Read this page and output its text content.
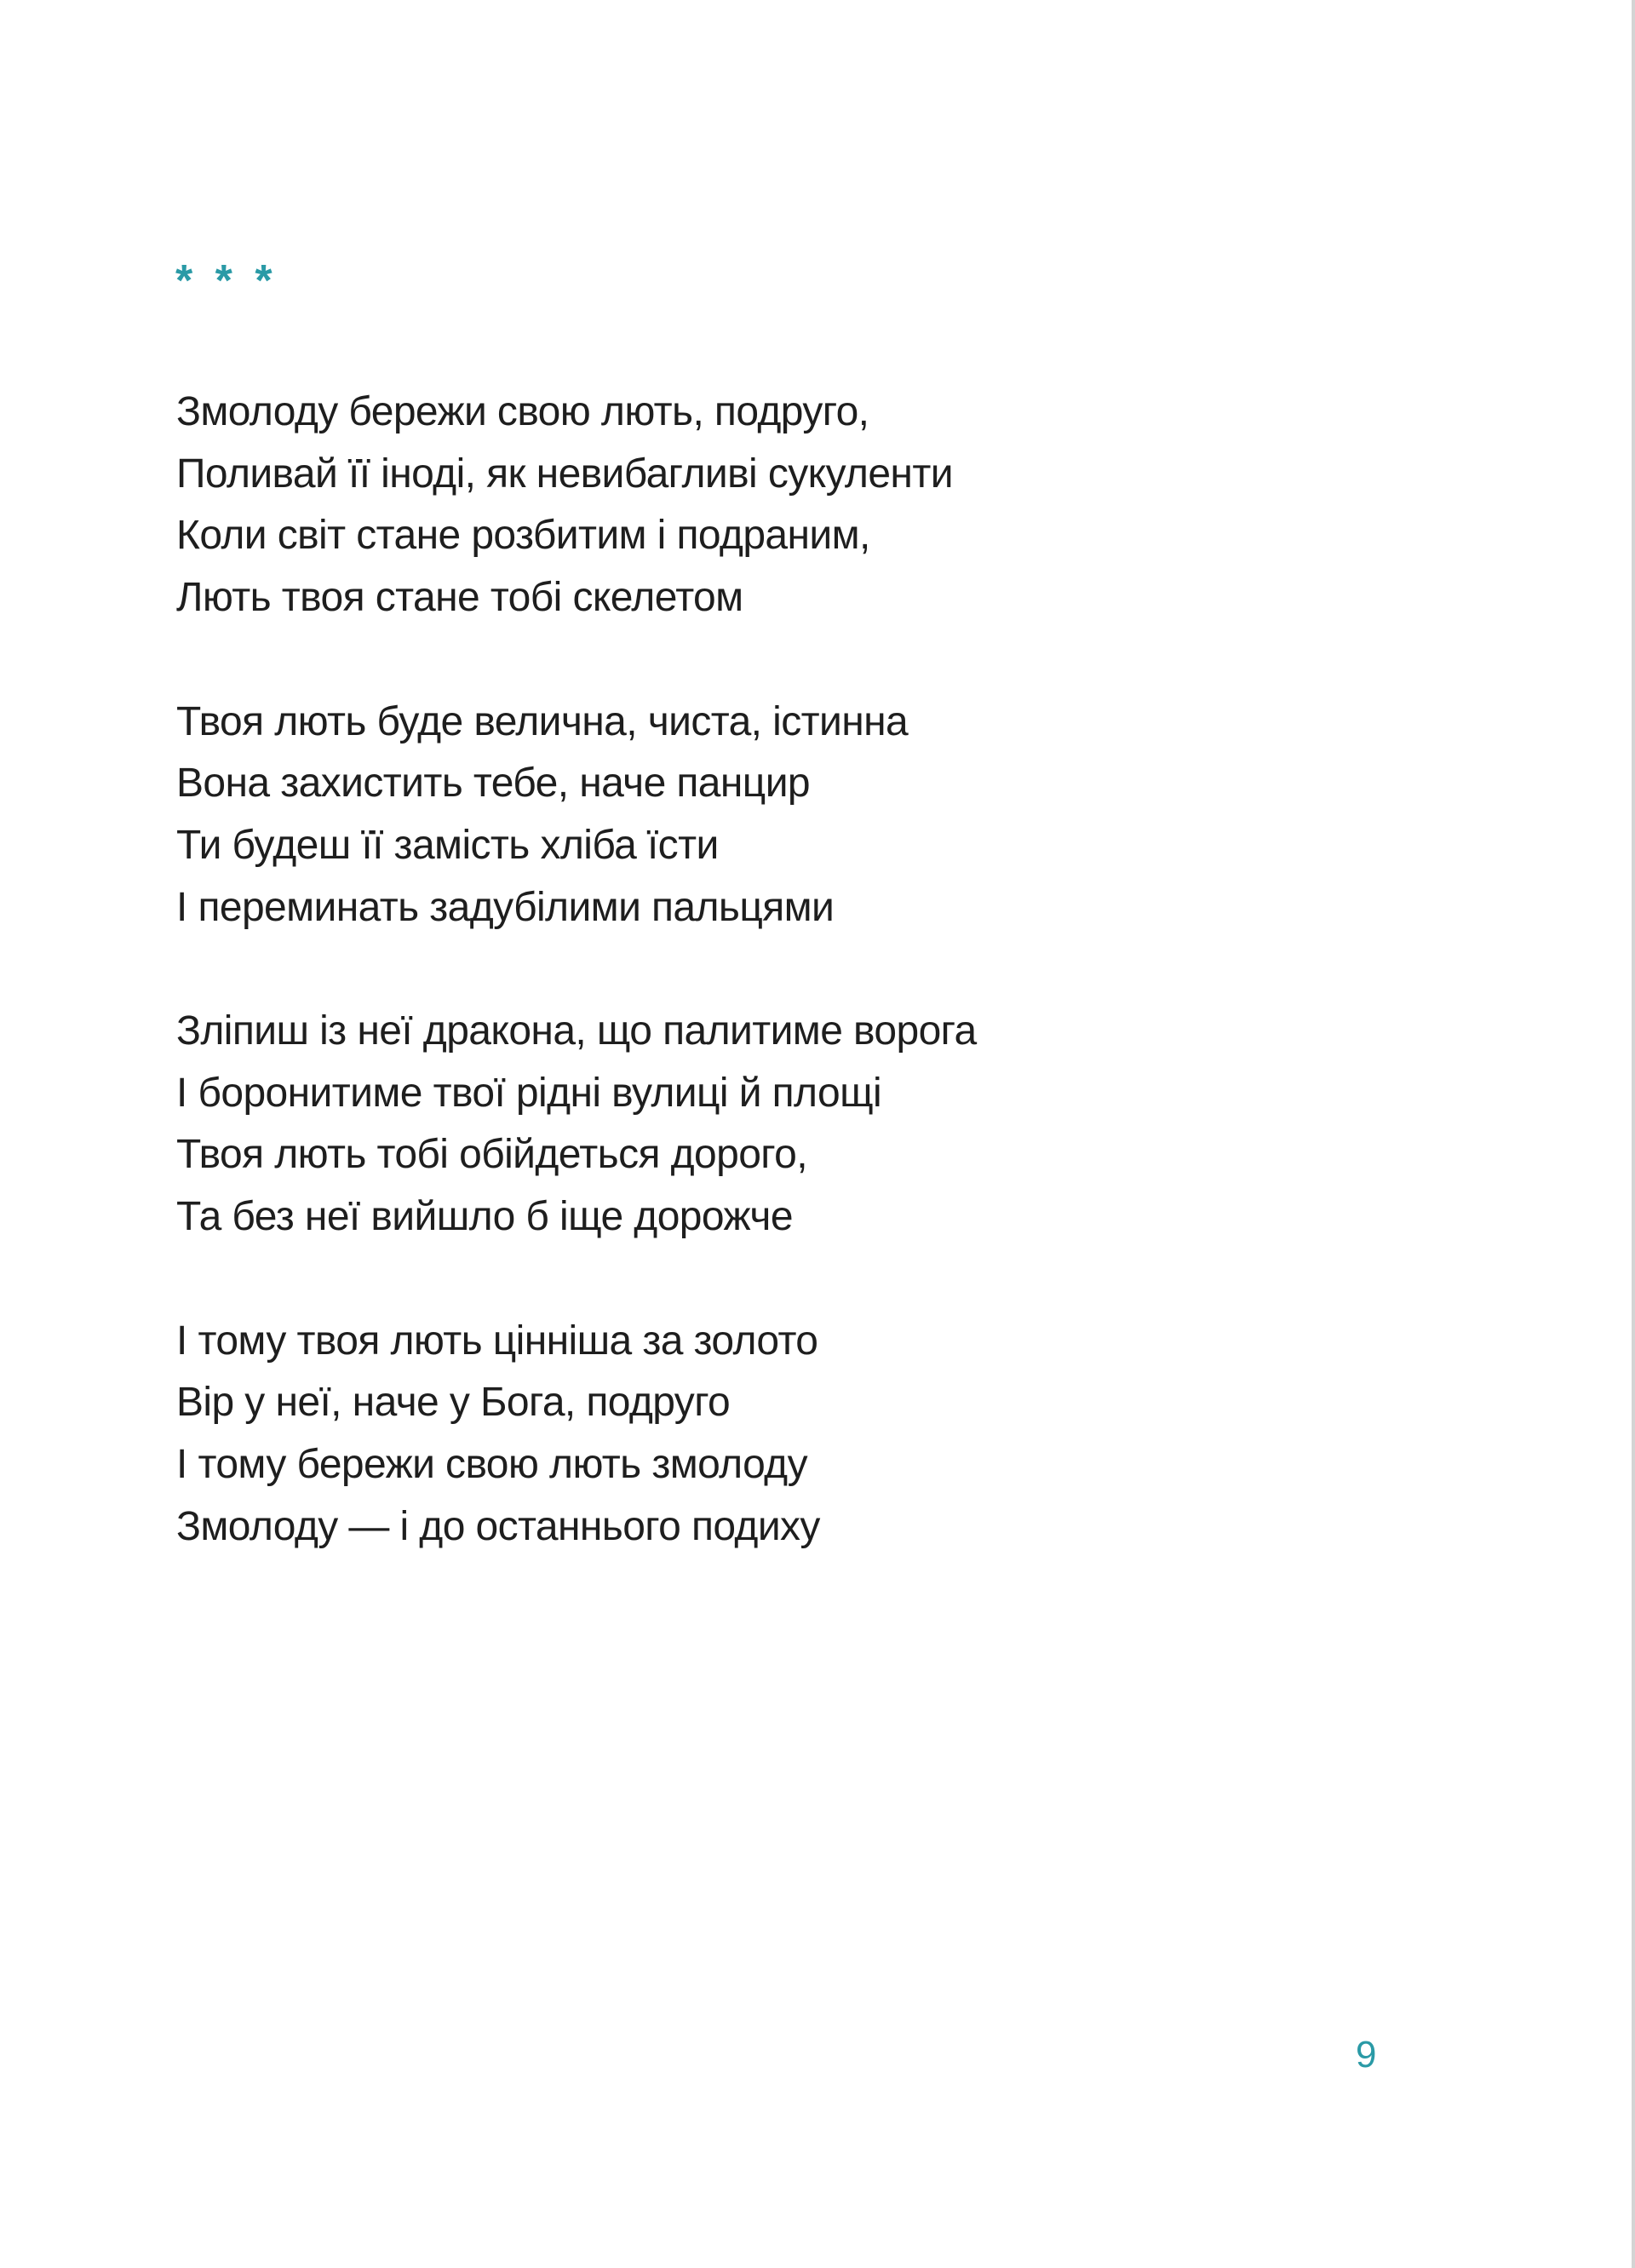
* * *
Змолоду бережи свою лють, подруго,
Поливай її іноді, як невибагливі сукуленти
Коли світ стане розбитим і подраним,
Лють твоя стане тобі скелетом
Твоя лють буде велична, чиста, істинна
Вона захистить тебе, наче панцир
Ти будеш її замість хліба їсти
І перeминать задубілими пальцями
Зліпиш із неї дракона, що палитиме ворога
І боронитиме твої рідні вулиці й площі
Твоя лють тобі обійдеться дорого,
Та без неї вийшло б іще дорожче
І тому твоя лють цінніша за золото
Вір у неї, наче у Бога, подруго
І тому бережи свою лють змолоду
Змолоду — і до останнього подиху
9
